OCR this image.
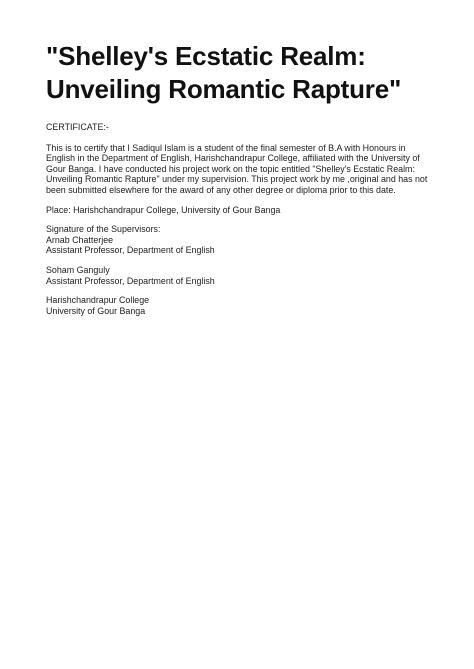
"Shelley's Ecstatic Realm:
Unveiling Romantic Rapture"
CERTIFICATE:-
This is to certify that I Sadiqul Islam is a student of the final semester of B.A with Honours in
English in the Department of English, Harishchandrapur College, affiliated with the University of
Gour Banga. I have conducted his project work on the topic entitled "Shelley's Ecstatic Realm:
Unveiling Romantic Rapture" under my supervision. This project work by me ,original and has not
been submitted elsewhere for the award of any other degree or diploma prior to this date.
Place: Harishchandrapur College, University of Gour Banga
Signature of the Supervisors:
Arnab Chatterjee
Assistant Professor, Department of English
Soham Ganguly
Assistant Professor, Department of English
Harishchandrapur College
University of Gour Banga
